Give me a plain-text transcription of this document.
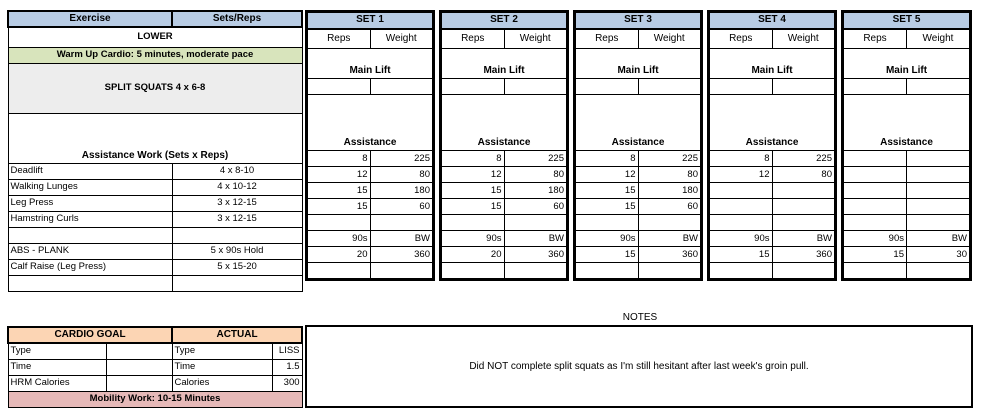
Exercise	Sets/Reps
LOWER	
Warm Up Cardio: 5 minutes, moderate pace	
SPLIT SQUATS 4 x 6-8	
Assistance Work (Sets x Reps)	
Deadlift	4 x 8-10
Walking Lunges	4 x 10-12
Leg Press	3 x 12-15
Hamstring Curls	3 x 12-15

ABS - PLANK	5 x 90s Hold
Calf Raise (Leg Press)	5 x 15-20

SET 1	
Reps	Weight
Main Lift	

Assistance	
8	225
12	80
15	180
15	60

90s	BW
20	360

SET 2	
Reps	Weight
Main Lift	

Assistance	
8	225
12	80
15	180
15	60

90s	BW
20	360

SET 3	
Reps	Weight
Main Lift	

Assistance	
8	225
12	80
15	180
15	60

90s	BW
15	360

SET 4	
Reps	Weight
Main Lift	

Assistance	
8	225
12	80

90s	BW
15	360

SET 5	
Reps	Weight
Main Lift	

Assistance	

90s	BW
15	30

CARDIO GOAL		ACTUAL	
Type		Type	LISS
Time		Time	1.5
HRM Calories		Calories	300
Mobility Work: 10-15 Minutes			
NOTES
Did NOT complete split squats as I'm still hesitant after last week's groin pull.
